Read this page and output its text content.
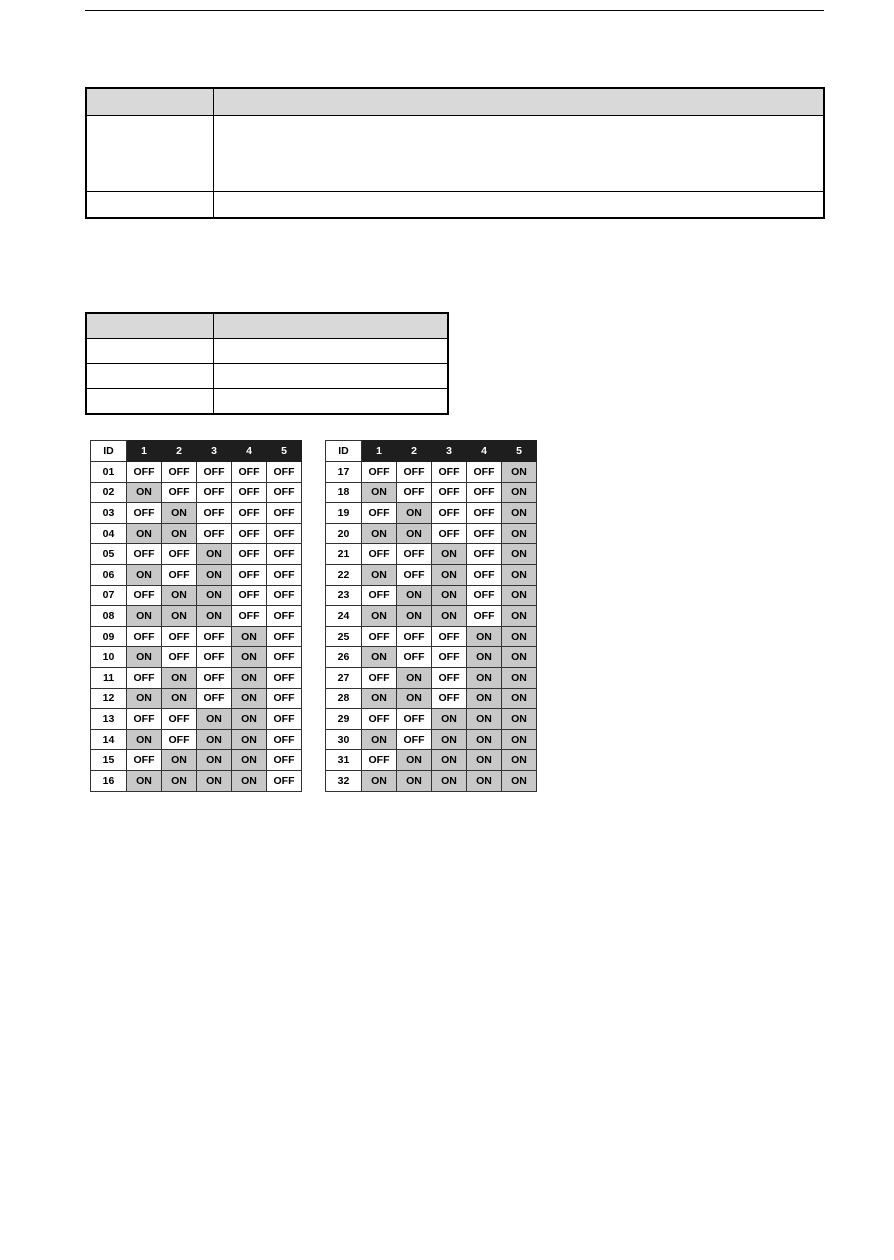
ID	1	2	3	4	5
01	OFF	OFF	OFF	OFF	OFF
02	ON	OFF	OFF	OFF	OFF
03	OFF	ON	OFF	OFF	OFF
04	ON	ON	OFF	OFF	OFF
05	OFF	OFF	ON	OFF	OFF
06	ON	OFF	ON	OFF	OFF
07	OFF	ON	ON	OFF	OFF
08	ON	ON	ON	OFF	OFF
09	OFF	OFF	OFF	ON	OFF
10	ON	OFF	OFF	ON	OFF
11	OFF	ON	OFF	ON	OFF
12	ON	ON	OFF	ON	OFF
13	OFF	OFF	ON	ON	OFF
14	ON	OFF	ON	ON	OFF
15	OFF	ON	ON	ON	OFF
16	ON	ON	ON	ON	OFF
ID	1	2	3	4	5
17	OFF	OFF	OFF	OFF	ON
18	ON	OFF	OFF	OFF	ON
19	OFF	ON	OFF	OFF	ON
20	ON	ON	OFF	OFF	ON
21	OFF	OFF	ON	OFF	ON
22	ON	OFF	ON	OFF	ON
23	OFF	ON	ON	OFF	ON
24	ON	ON	ON	OFF	ON
25	OFF	OFF	OFF	ON	ON
26	ON	OFF	OFF	ON	ON
27	OFF	ON	OFF	ON	ON
28	ON	ON	OFF	ON	ON
29	OFF	OFF	ON	ON	ON
30	ON	OFF	ON	ON	ON
31	OFF	ON	ON	ON	ON
32	ON	ON	ON	ON	ON
